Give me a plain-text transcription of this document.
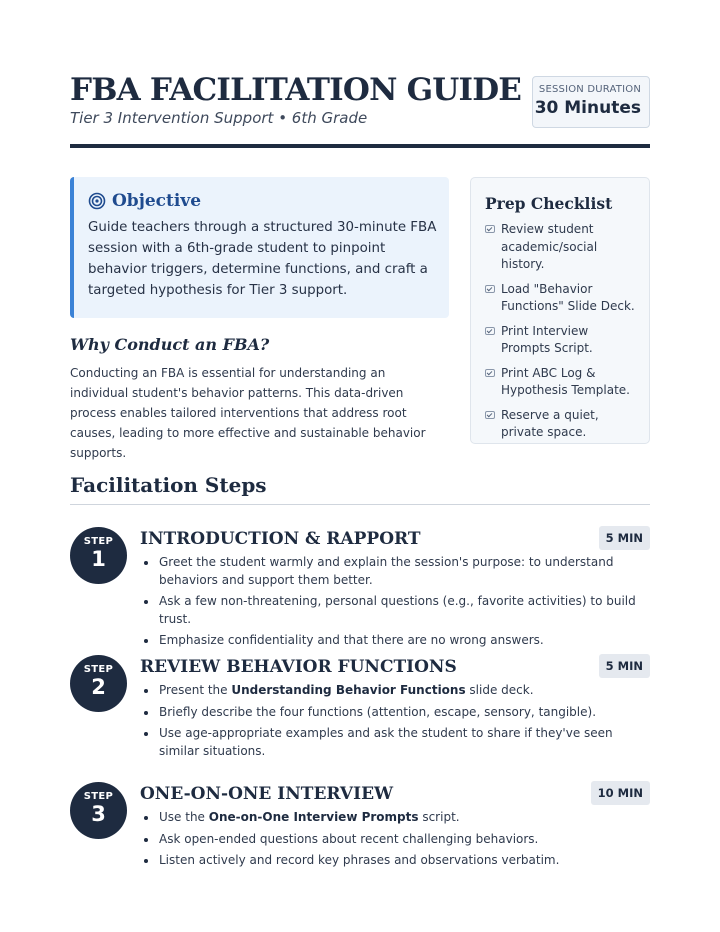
FBA FACILITATION GUIDE
Tier 3 Intervention Support • 6th Grade
SESSION DURATION
30 Minutes
Objective
Guide teachers through a structured 30-minute FBA session with a 6th-grade student to pinpoint behavior triggers, determine functions, and craft a targeted hypothesis for Tier 3 support.
Why Conduct an FBA?
Conducting an FBA is essential for understanding an individual student's behavior patterns. This data-driven process enables tailored interventions that address root causes, leading to more effective and sustainable behavior supports.
Prep Checklist
Review student academic/social history.
Load "Behavior Functions" Slide Deck.
Print Interview Prompts Script.
Print ABC Log & Hypothesis Template.
Reserve a quiet, private space.
Facilitation Steps
STEP
1
INTRODUCTION & RAPPORT	5 MIN
Greet the student warmly and explain the session's purpose: to understand behaviors and support them better.
Ask a few non-threatening, personal questions (e.g., favorite activities) to build trust.
Emphasize confidentiality and that there are no wrong answers.
STEP
2
REVIEW BEHAVIOR FUNCTIONS	5 MIN
Present the Understanding Behavior Functions slide deck.
Briefly describe the four functions (attention, escape, sensory, tangible).
Use age-appropriate examples and ask the student to share if they've seen similar situations.
STEP
3
ONE-ON-ONE INTERVIEW	10 MIN
Use the One-on-One Interview Prompts script.
Ask open-ended questions about recent challenging behaviors.
Listen actively and record key phrases and observations verbatim.
